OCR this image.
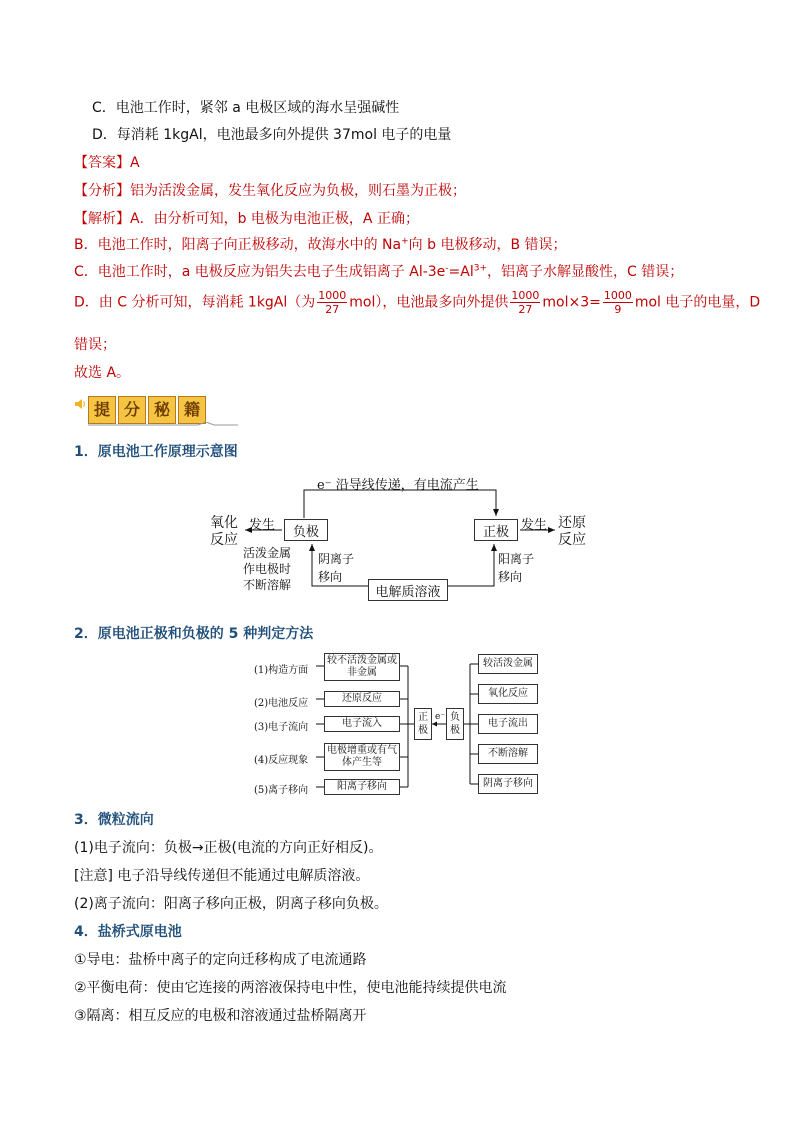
C．电池工作时，紧邻 a 电极区域的海水呈强碱性
D．每消耗 1kgAl，电池最多向外提供 37mol 电子的电量
【答案】A
【分析】铝为活泼金属，发生氧化反应为负极，则石墨为正极；
【解析】A．由分析可知，b 电极为电池正极，A 正确；
B．电池工作时，阳离子向正极移动，故海水中的 Na+向 b 电极移动，B 错误；
C．电池工作时，a 电极反应为铝失去电子生成铝离子 $Al-3e^-=Al^{3+}$，铝离子水解显酸性，C 错误；
D．由 C 分析可知，每消耗 1kgAl（为 $\frac{1000}{27} mol$），电池最多向外提供 $\frac{1000}{27} mol\times 3= \frac{1000}{9}$ mol 电子的电量，D
错误；
故选 A。
提 分 秘 籍
1．原电池工作原理示意图
e⁻ 沿导线传递，有电流产生
氧化
反应
发生	负极	正极 发生 还原
反应
活泼金属
作电极时
不断溶解
阴离子
移向
阳离子
移向
电解质溶液
2．原电池正极和负极的 5 种判定方法
(1)构造方面
(2)电池反应
(3)电子流向
(4)反应现象
(5)离子移向
较不活泼金属或非金属
还原反应
电子流入
电极增重或有气体产生等
阳离子移向
正极
e⁻ 负极
较活泼金属
氧化反应
电子流出
不断溶解
阴离子移向
3．微粒流向
(1)电子流向：负极→正极(电流的方向正好相反)。
[注意] 电子沿导线传递但不能通过电解质溶液。
(2)离子流向：阳离子移向正极，阴离子移向负极。
4．盐桥式原电池
①导电：盐桥中离子的定向迁移构成了电流通路
②平衡电荷：使由它连接的两溶液保持电中性，使电池能持续提供电流
③隔离：相互反应的电极和溶液通过盐桥隔离开
